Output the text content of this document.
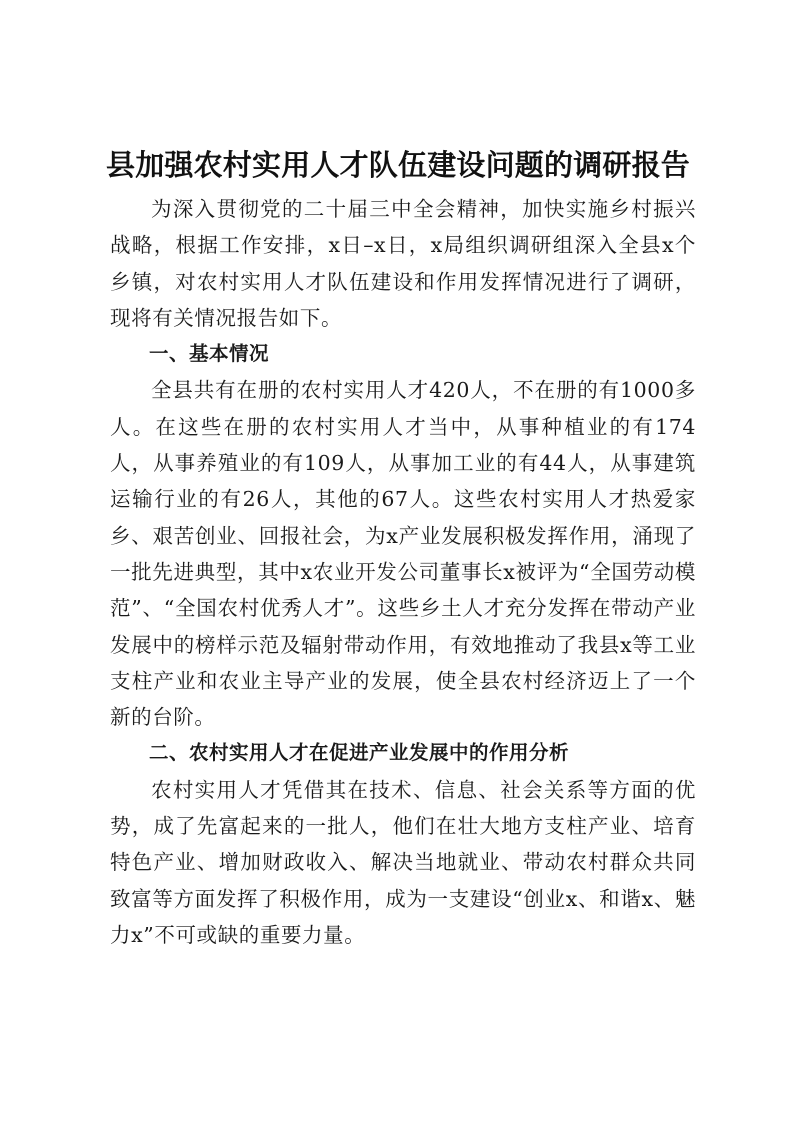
县加强农村实用人才队伍建设问题的调研报告

为深入贯彻党的二十届三中全会精神，加快实施乡村振兴战略，根据工作安排，x日–x日，x局组织调研组深入全县x个乡镇，对农村实用人才队伍建设和作用发挥情况进行了调研，现将有关情况报告如下。

一、基本情况

全县共有在册的农村实用人才420人，不在册的有1000多人。在这些在册的农村实用人才当中，从事种植业的有174人，从事养殖业的有109人，从事加工业的有44人，从事建筑运输行业的有26人，其他的67人。这些农村实用人才热爱家乡、艰苦创业、回报社会，为x产业发展积极发挥作用，涌现了一批先进典型，其中x农业开发公司董事长x被评为“全国劳动模范”、“全国农村优秀人才”。这些乡土人才充分发挥在带动产业发展中的榜样示范及辐射带动作用，有效地推动了我县x等工业支柱产业和农业主导产业的发展，使全县农村经济迈上了一个新的台阶。

二、农村实用人才在促进产业发展中的作用分析

农村实用人才凭借其在技术、信息、社会关系等方面的优势，成了先富起来的一批人，他们在壮大地方支柱产业、培育特色产业、增加财政收入、解决当地就业、带动农村群众共同致富等方面发挥了积极作用，成为一支建设“创业x、和谐x、魅力x”不可或缺的重要力量。
